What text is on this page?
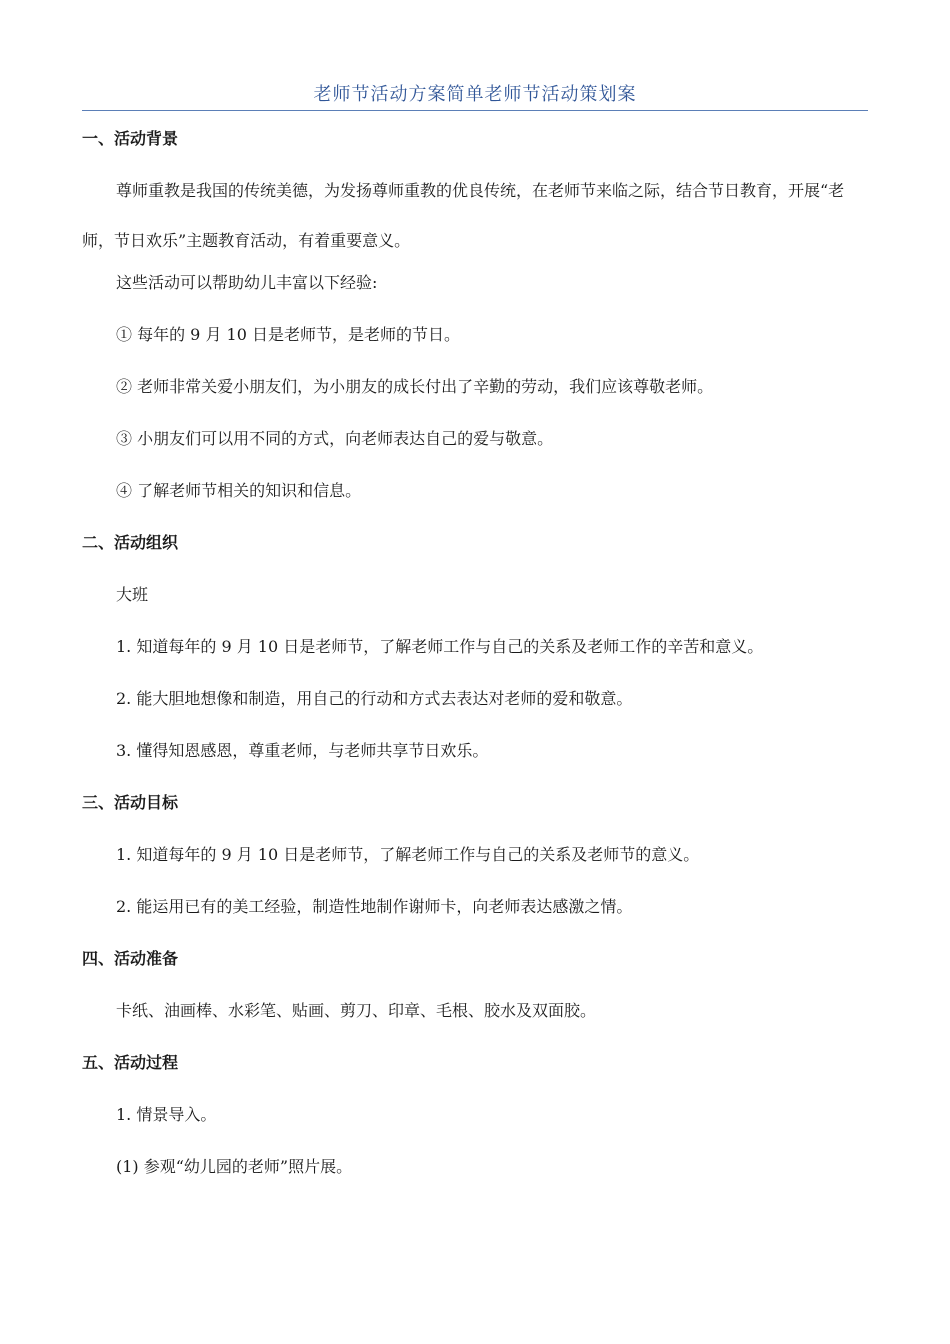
老师节活动方案简单老师节活动策划案

一、活动背景

尊师重教是我国的传统美德，为发扬尊师重教的优良传统，在老师节来临之际，结合节日教育，开展“老师，节日欢乐”主题教育活动，有着重要意义。

这些活动可以帮助幼儿丰富以下经验:

① 每年的 9 月 10 日是老师节，是老师的节日。

② 老师非常关爱小朋友们，为小朋友的成长付出了辛勤的劳动，我们应该尊敬老师。

③ 小朋友们可以用不同的方式，向老师表达自己的爱与敬意。

④ 了解老师节相关的知识和信息。

二、活动组织

大班

1. 知道每年的 9 月 10 日是老师节，了解老师工作与自己的关系及老师工作的辛苦和意义。

2. 能大胆地想像和制造，用自己的行动和方式去表达对老师的爱和敬意。

3. 懂得知恩感恩，尊重老师，与老师共享节日欢乐。

三、活动目标

1. 知道每年的 9 月 10 日是老师节，了解老师工作与自己的关系及老师节的意义。

2. 能运用已有的美工经验，制造性地制作谢师卡，向老师表达感激之情。

四、活动准备

卡纸、油画棒、水彩笔、贴画、剪刀、印章、毛根、胶水及双面胶。

五、活动过程

1. 情景导入。

(1) 参观“幼儿园的老师”照片展。
